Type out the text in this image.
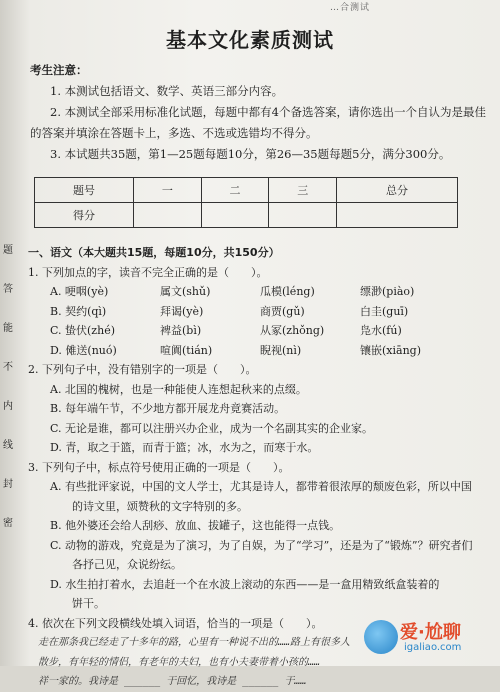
…合测试
基本文化素质测试
题
答
能
不
内
线
封
密
考生注意：

1. 本测试包括语文、数学、英语三部分内容。

2. 本测试全部采用标准化试题，每题中都有4个备选答案，请你选出一个自认为是最佳的答案并填涂在答题卡上，多选、不选或选错均不得分。

3. 本试题共35题，第1—25题每题10分，第26—35题每题5分，满分300分。

题号	一	二	三	总分
得分				
一、语文（本大题共15题，每题10分，共150分）

1. 下列加点的字，读音不完全正确的是（　　）。

A. 哽咽(yè)	属文(shǔ)	瓜模(léng)	缥渺(piào)
B. 契约(qì)	拜谒(yè)	商贾(gǔ)	白圭(guī)
C. 蛰伏(zhé)	裨益(bì)	从冢(zhǒng)	凫水(fú)
D. 傩送(nuó)	喧阗(tián)	睨视(nì)	镶嵌(xiāng)

2. 下列句子中，没有错别字的一项是（　　）。

A. 北国的槐树，也是一种能使人连想起秋来的点缀。

B. 每年端午节，不少地方都开展龙舟竟赛活动。

C. 无论是谁，都可以注册兴办企业，成为一个名副其实的企业家。

D. 青，取之于篮，而青于篮；冰，水为之，而寒于水。

3. 下列句子中，标点符号使用正确的一项是（　　）。

A. 有些批评家说，中国的文人学士，尤其是诗人，都带着很浓厚的颓废色彩，所以中国

的诗文里，颂赞秋的文字特别的多。

B. 他外婆还会给人刮痧、放血、拔罐子，这也能得一点钱。

C. 动物的游戏，究竟是为了演习，为了自娱，为了“学习”，还是为了“锻炼”？研究者们

各抒己见，众说纷纭。

D. 水生拍打着水，去追赶一个在水波上滚动的东西——是一盒用精致纸盒装着的

饼干。

4. 依次在下列文段横线处填入词语，恰当的一项是（　　）。

走在那条我已经走了十多年的路，心里有一种说不出的……路上有很多人

散步，有年轻的情侣，有老年的夫妇，也有小夫妻带着小孩的……

祥一家的。我诗是 ______ 于回忆，我诗是 ______ 于……

爱·尬聊
igaliao.com
